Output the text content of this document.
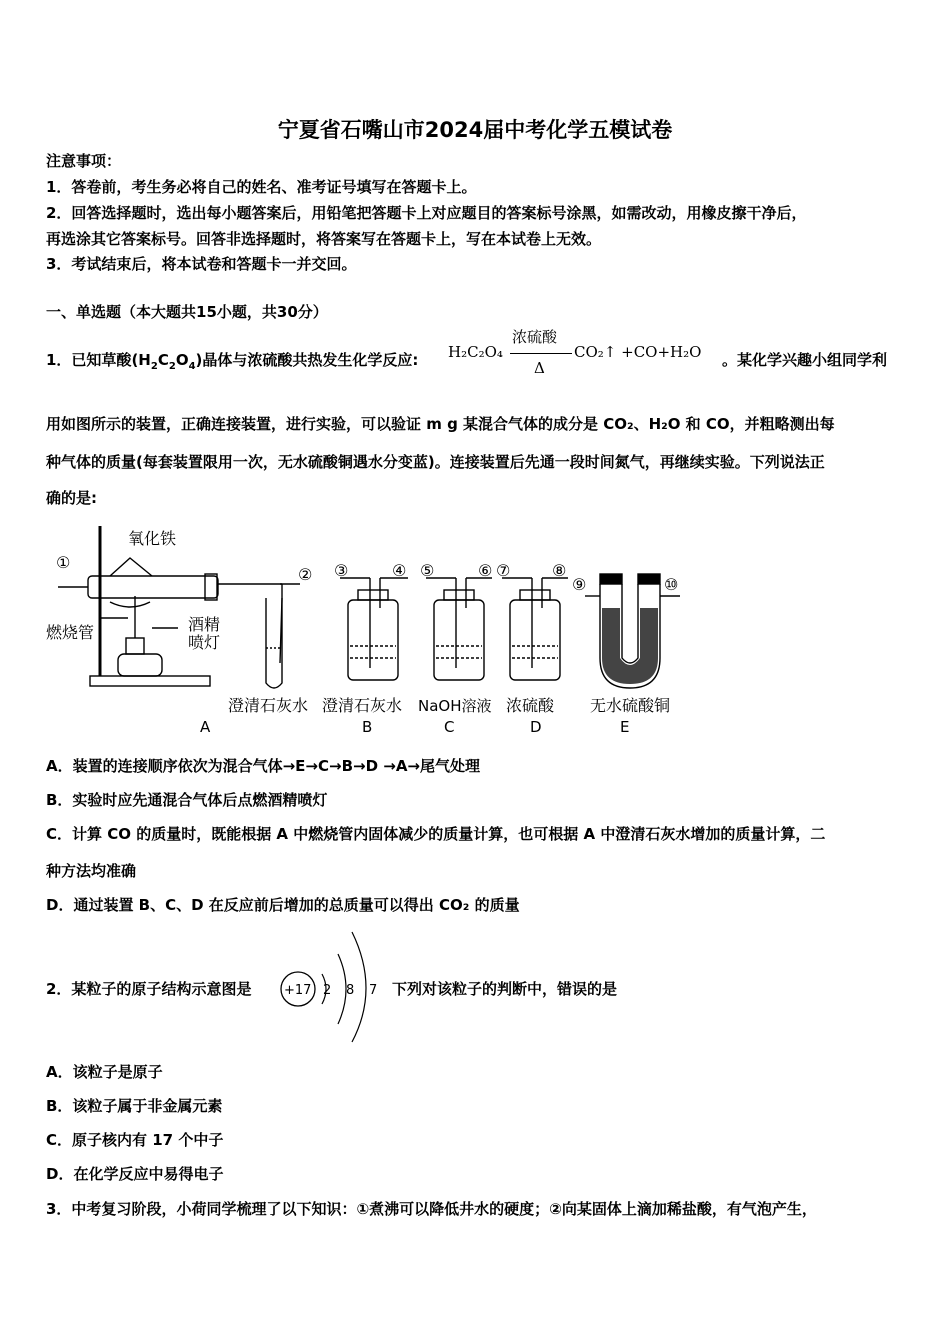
宁夏省石嘴山市2024届中考化学五模试卷
注意事项：
1．答卷前，考生务必将自己的姓名、准考证号填写在答题卡上。
2．回答选择题时，选出每小题答案后，用铅笔把答题卡上对应题目的答案标号涂黑，如需改动，用橡皮擦干净后，
再选涂其它答案标号。回答非选择题时，将答案写在答题卡上，写在本试卷上无效。
3．考试结束后，将本试卷和答题卡一并交回。
一、单选题（本大题共15小题，共30分）
1．已知草酸$(H_2C_2O_4)$晶体与浓硫酸共热发生化学反应: H₂C₂O₄
浓硫酸
Δ
CO₂↑ +CO+H₂O 。某化学兴趣小组同学利
用如图所示的装置，正确连接装置，进行实验，可以验证 m g 某混合气体的成分是 CO₂、H₂O 和 CO，并粗略测出每
种气体的质量(每套装置限用一次，无水硫酸铜遇水分变蓝)。连接装置后先通一段时间氮气，再继续实验。下列说法正
确的是:
氧化铁
燃烧管	酒精
喷灯
①
② ③	④ ⑤	⑥ ⑦	⑧
⑨	⑩
澄清石灰水 澄清石灰水 NaOH溶液 浓硫酸 无水硫酸铜
A	B	C	D	E
A．装置的连接顺序依次为混合气体→E→C→B→D →A→尾气处理
B．实验时应先通混合气体后点燃酒精喷灯
C．计算 CO 的质量时，既能根据 A 中燃烧管内固体减少的质量计算，也可根据 A 中澄清石灰水增加的质量计算，二
种方法均准确
D．通过装置 B、C、D 在反应前后增加的总质量可以得出 CO₂ 的质量
2．某粒子的原子结构示意图是	+17 2 8 7 下列对该粒子的判断中，错误的是
A．该粒子是原子
B．该粒子属于非金属元素
C．原子核内有 17 个中子
D．在化学反应中易得电子
3．中考复习阶段，小荷同学梳理了以下知识：①煮沸可以降低井水的硬度；②向某固体上滴加稀盐酸，有气泡产生，
